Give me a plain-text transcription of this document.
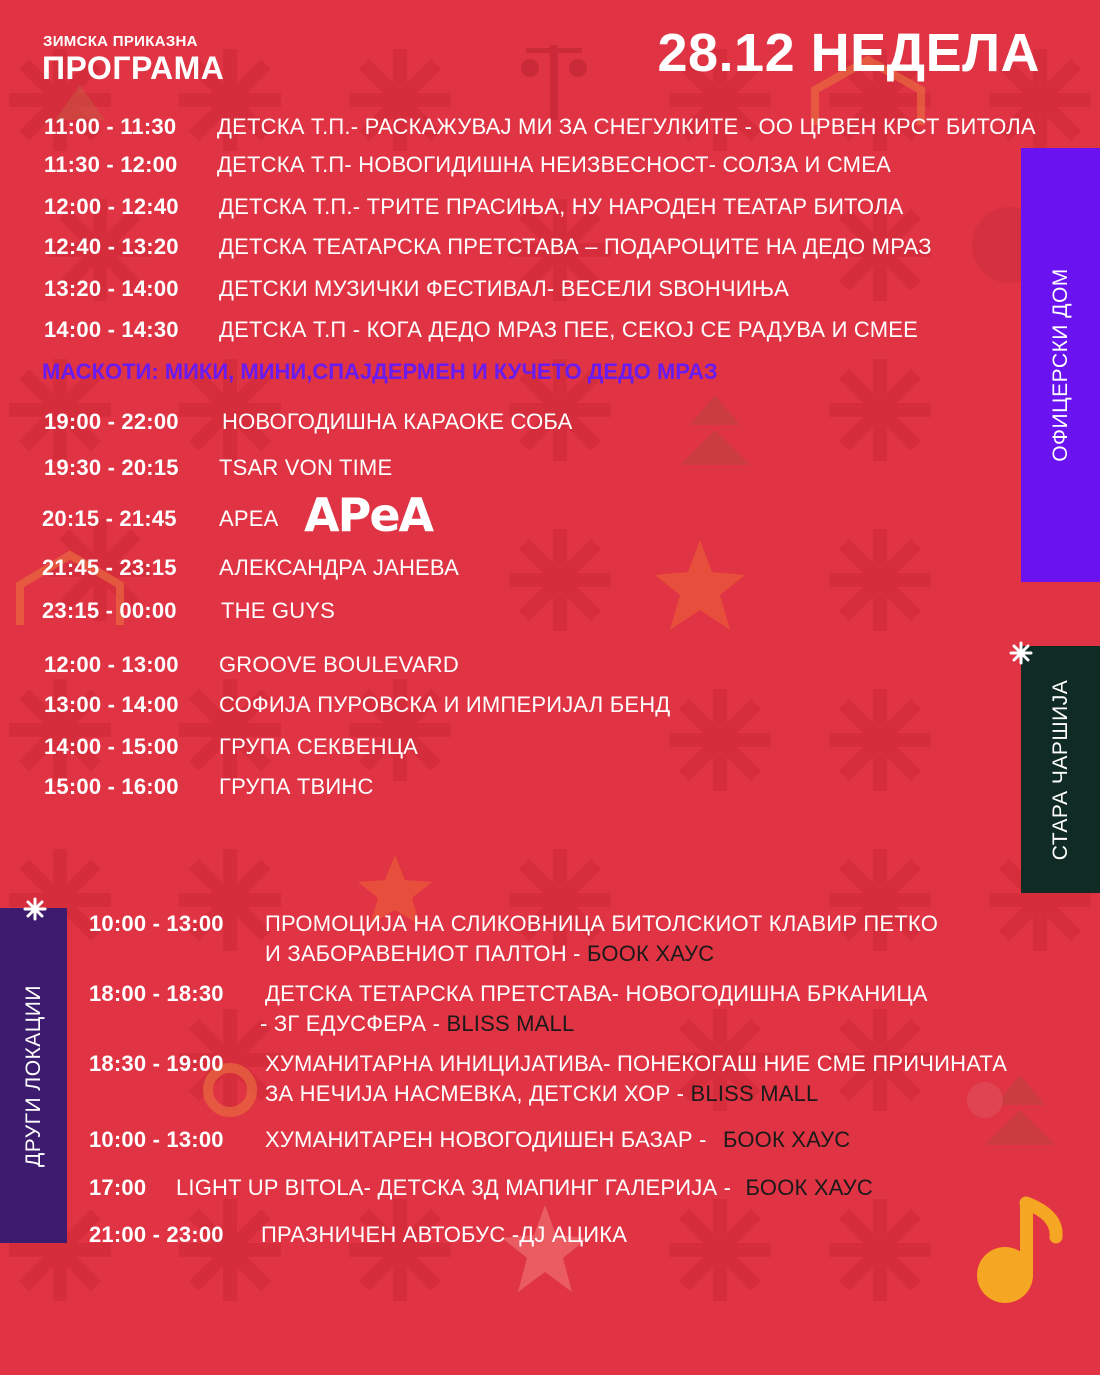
ЗИМСКА ПРИКАЗНА
ПРОГРАМА	28.12 НЕДЕЛА
11:00 - 11:30 ДЕТСКА Т.П.- РАСКАЖУВАЈ МИ ЗА СНЕГУЛКИТЕ - ОО ЦРВЕН КРСТ БИТОЛА
11:30 - 12:00 ДЕТСКА Т.П- НОВОГИДИШНА НЕИЗВЕСНОСТ- СОЛЗА И СМЕА
12:00 - 12:40 ДЕТСКА Т.П.- ТРИТЕ ПРАСИЊА, НУ НАРОДЕН ТЕАТАР БИТОЛА
12:40 - 13:20 ДЕТСКА ТЕАТАРСКА ПРЕТСТАВА – ПОДАРОЦИТЕ НА ДЕДО МРАЗ
13:20 - 14:00 ДЕТСКИ МУЗИЧКИ ФЕСТИВАЛ- ВЕСЕЛИ ЅВОНЧИЊА
14:00 - 14:30 ДЕТСКА Т.П - КОГА ДЕДО МРАЗ ПЕЕ, СЕКОЈ СЕ РАДУВА И СМЕЕ
МАСКОТИ: МИКИ, МИНИ,СПАЈДЕРМЕН И КУЧЕТО ДЕДО МРАЗ
19:00 - 22:00 НОВОГОДИШНА КАРАОКЕ СОБА
19:30 - 20:15 TSAR VON TIME
20:15 - 21:45 АРЕА АРеА
21:45 - 23:15 АЛЕКСАНДРА ЈАНЕВА
23:15 - 00:00 THE GUYS
12:00 - 13:00 GROOVE BOULEVARD
13:00 - 14:00 СОФИЈА ПУРОВСКА И ИМПЕРИЈАЛ БЕНД
14:00 - 15:00 ГРУПА СЕКВЕНЦА
15:00 - 16:00 ГРУПА ТВИНС
10:00 - 13:00 ПРОМОЦИЈА НА СЛИКОВНИЦА БИТОЛСКИОТ КЛАВИР ПЕТКО
И ЗАБОРАВЕНИОТ ПАЛТОН - БООК ХАУС
18:00 - 18:30 ДЕТСКА ТЕТАРСКА ПРЕТСТАВА- НОВОГОДИШНА БРКАНИЦА
- ЗГ ЕДУСФЕРА - BLISS MALL
18:30 - 19:00 ХУМАНИТАРНА ИНИЦИЈАТИВА- ПОНЕКОГАШ НИЕ СМЕ ПРИЧИНАТА
ЗА НЕЧИЈА НАСМЕВКА, ДЕТСКИ ХОР - BLISS MALL
10:00 - 13:00 ХУМАНИТАРЕН НОВОГОДИШЕН БАЗАР - БООК ХАУС
17:00 LIGHT UP BITOLA- ДЕТСКА 3Д МАПИНГ ГАЛЕРИЈА - БООК ХАУС
21:00 - 23:00 ПРАЗНИЧЕН АВТОБУС -ДЈ АЦИКА
ОФИЦЕРСКИ ДОМ
СТАРА ЧАРШИЈА
ДРУГИ ЛОКАЦИИ
